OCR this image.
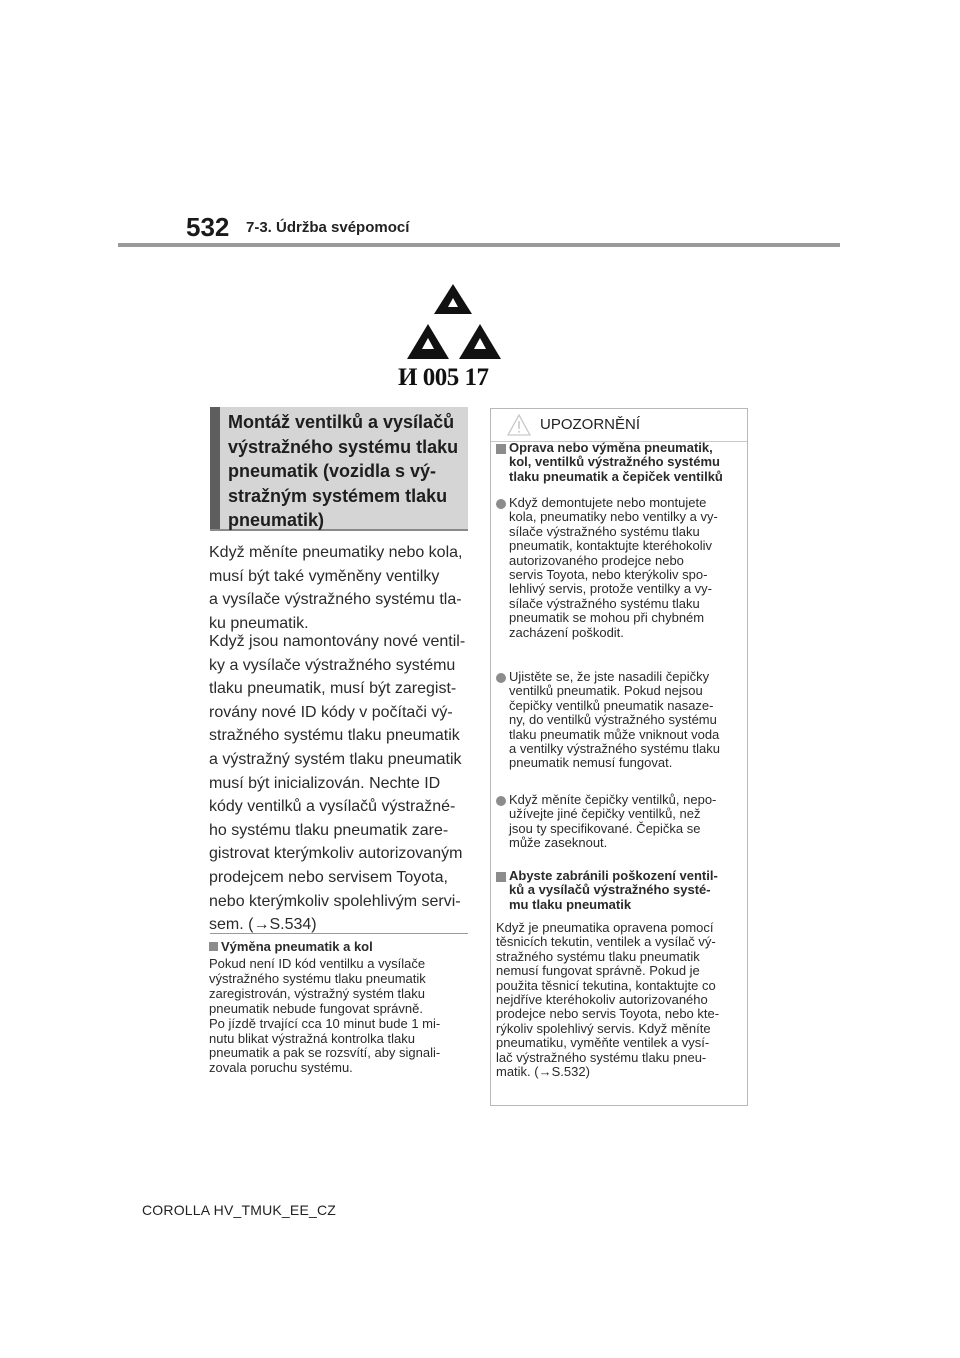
532 7-3. Údržba svépomocí
И 005 17
Montáž ventilků a vysílačů
výstražného systému tlaku
pneumatik (vozidla s vý-
stražným systémem tlaku
pneumatik)
Když měníte pneumatiky nebo kola,
musí být také vyměněny ventilky
a vysílače výstražného systému tla-
ku pneumatik.
Když jsou namontovány nové ventil-
ky a vysílače výstražného systému
tlaku pneumatik, musí být zaregist-
rovány nové ID kódy v počítači vý-
stražného systému tlaku pneumatik
a výstražný systém tlaku pneumatik
musí být inicializován. Nechte ID
kódy ventilků a vysílačů výstražné-
ho systému tlaku pneumatik zare-
gistrovat kterýmkoliv autorizovaným
prodejcem nebo servisem Toyota,
nebo kterýmkoliv spolehlivým servi-
sem. (→S.534)
Výměna pneumatik a kol
Pokud není ID kód ventilku a vysílače
výstražného systému tlaku pneumatik
zaregistrován, výstražný systém tlaku
pneumatik nebude fungovat správně.
Po jízdě trvající cca 10 minut bude 1 mi-
nutu blikat výstražná kontrolka tlaku
pneumatik a pak se rozsvítí, aby signali-
zovala poruchu systému.
UPOZORNĚNÍ
Oprava nebo výměna pneumatik,
kol, ventilků výstražného systému
tlaku pneumatik a čepiček ventilků
Když demontujete nebo montujete
kola, pneumatiky nebo ventilky a vy-
sílače výstražného systému tlaku
pneumatik, kontaktujte kteréhokoliv
autorizovaného prodejce nebo
servis Toyota, nebo kterýkoliv spo-
lehlivý servis, protože ventilky a vy-
sílače výstražného systému tlaku
pneumatik se mohou při chybném
zacházení poškodit.
Ujistěte se, že jste nasadili čepičky
ventilků pneumatik. Pokud nejsou
čepičky ventilků pneumatik nasaze-
ny, do ventilků výstražného systému
tlaku pneumatik může vniknout voda
a ventilky výstražného systému tlaku
pneumatik nemusí fungovat.
Když měníte čepičky ventilků, nepo-
užívejte jiné čepičky ventilků, než
jsou ty specifikované. Čepička se
může zaseknout.
Abyste zabránili poškození ventil-
ků a vysílačů výstražného systé-
mu tlaku pneumatik
Když je pneumatika opravena pomocí
těsnicích tekutin, ventilek a vysílač vý-
stražného systému tlaku pneumatik
nemusí fungovat správně. Pokud je
použita těsnicí tekutina, kontaktujte co
nejdříve kteréhokoliv autorizovaného
prodejce nebo servis Toyota, nebo kte-
rýkoliv spolehlivý servis. Když měníte
pneumatiku, vyměňte ventilek a vysí-
lač výstražného systému tlaku pneu-
matik. (→S.532)
COROLLA HV_TMUK_EE_CZ
